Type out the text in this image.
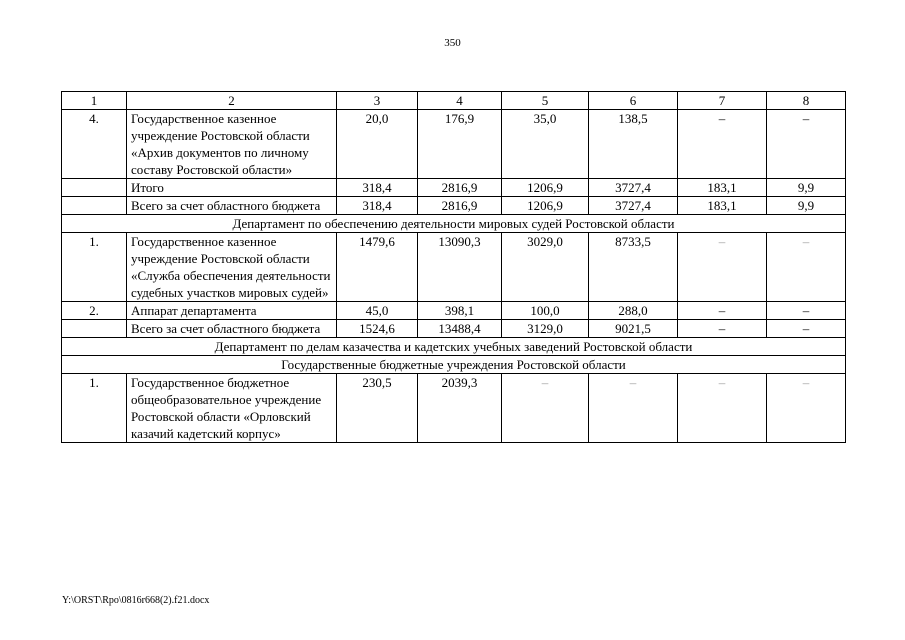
350
1	2	3	4	5	6	7	8
4.	Государственное казенное учреждение Ростовской области «Архив документов по личному составу Ростовской области»	20,0	176,9	35,0	138,5	–	–
	Итого	318,4	2816,9	1206,9	3727,4	183,1	9,9
	Всего за счет областного бюджета	318,4	2816,9	1206,9	3727,4	183,1	9,9
Департамент по обеспечению деятельности мировых судей Ростовской области							
1.	Государственное казенное учреждение Ростовской области «Служба обеспечения деятельности судебных участков мировых судей»	1479,6	13090,3	3029,0	8733,5	–	–
2.	Аппарат департамента	45,0	398,1	100,0	288,0	–	–
	Всего за счет областного бюджета	1524,6	13488,4	3129,0	9021,5	–	–
Департамент по делам казачества и кадетских учебных заведений Ростовской области							
Государственные бюджетные учреждения Ростовской области							
1.	Государственное бюджетное общеобразовательное учреждение Ростовской области «Орловский казачий кадетский корпус»	230,5	2039,3	–	–	–	–
Y:\ORST\Rpo\0816r668(2).f21.docx
